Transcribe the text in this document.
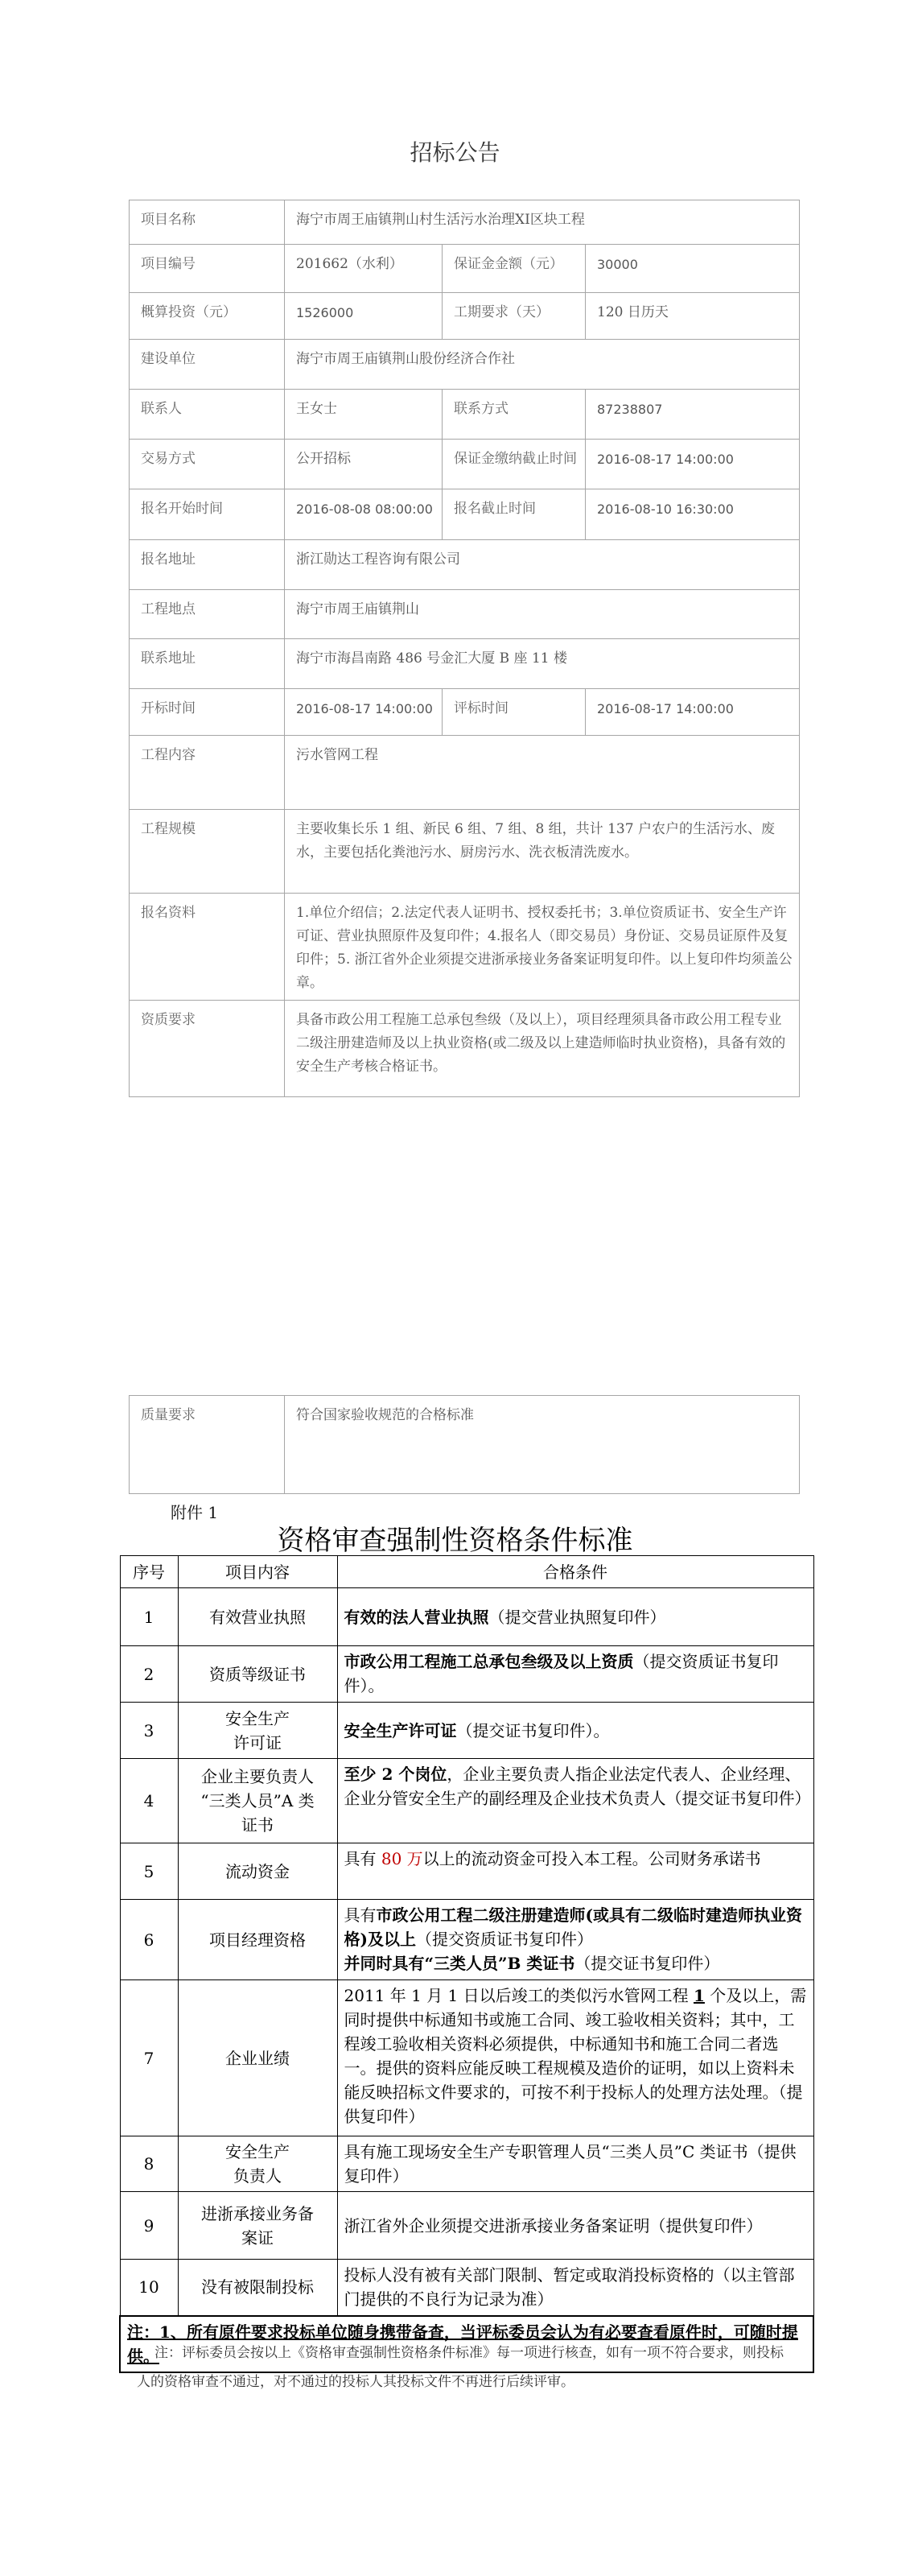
招标公告
项目名称	海宁市周王庙镇荆山村生活污水治理XI区块工程		
项目编号	201662（水利）	保证金金额（元）	30000
概算投资（元）	1526000	工期要求（天）	120 日历天
建设单位	海宁市周王庙镇荆山股份经济合作社		
联系人	王女士	联系方式	87238807
交易方式	公开招标	保证金缴纳截止时间	2016-08-17 14:00:00
报名开始时间	2016-08-08 08:00:00	报名截止时间	2016-08-10 16:30:00
报名地址	浙江勋达工程咨询有限公司		
工程地点	海宁市周王庙镇荆山		
联系地址	海宁市海昌南路 486 号金汇大厦 B 座 11 楼		
开标时间	2016-08-17 14:00:00	评标时间	2016-08-17 14:00:00
工程内容	污水管网工程		
工程规模	主要收集长乐 1 组、新民 6 组、7 组、8 组，共计 137 户农户的生活污水、废水，主要包括化粪池污水、厨房污水、洗衣板清洗废水。		
报名资料	1.单位介绍信；2.法定代表人证明书、授权委托书；3.单位资质证书、安全生产许可证、营业执照原件及复印件；4.报名人（即交易员）身份证、交易员证原件及复印件；5. 浙江省外企业须提交进浙承接业务备案证明复印件。以上复印件均须盖公章。		
资质要求	具备市政公用工程施工总承包叁级（及以上），项目经理须具备市政公用工程专业二级注册建造师及以上执业资格(或二级及以上建造师临时执业资格)，具备有效的安全生产考核合格证书。		
质量要求	符合国家验收规范的合格标准
附件 1
资格审查强制性资格条件标准
序号	项目内容	合格条件
1	有效营业执照	有效的法人营业执照（提交营业执照复印件）
2	资质等级证书	市政公用工程施工总承包叁级及以上资质（提交资质证书复印件）。
3	安全生产
许可证	安全生产许可证（提交证书复印件）。
4	企业主要负责人
“三类人员”A 类
证书	至少 2 个岗位，企业主要负责人指企业法定代表人、企业经理、企业分管安全生产的副经理及企业技术负责人（提交证书复印件）
5	流动资金	具有 80 万以上的流动资金可投入本工程。公司财务承诺书
6	项目经理资格	具有市政公用工程二级注册建造师(或具有二级临时建造师执业资格)及以上（提交资质证书复印件）
并同时具有“三类人员”B 类证书（提交证书复印件）
7	企业业绩	2011 年 1 月 1 日以后竣工的类似污水管网工程 1 个及以上，需同时提供中标通知书或施工合同、竣工验收相关资料；其中，工程竣工验收相关资料必须提供，中标通知书和施工合同二者选一。提供的资料应能反映工程规模及造价的证明，如以上资料未能反映招标文件要求的，可按不利于投标人的处理方法处理。（提供复印件）
8	安全生产
负责人	具有施工现场安全生产专职管理人员“三类人员”C 类证书（提供复印件）
9	进浙承接业务备
案证	浙江省外企业须提交进浙承接业务备案证明（提供复印件）
10	没有被限制投标	投标人没有被有关部门限制、暂定或取消投标资格的（以主管部门提供的不良行为记录为准）
注：1、所有原件要求投标单位随身携带备查，当评标委员会认为有必要查看原件时，可随时提供。		
注：评标委员会按以上《资格审查强制性资格条件标准》每一项进行核查，如有一项不符合要求，则投标人的资格审查不通过，对不通过的投标人其投标文件不再进行后续评审。
